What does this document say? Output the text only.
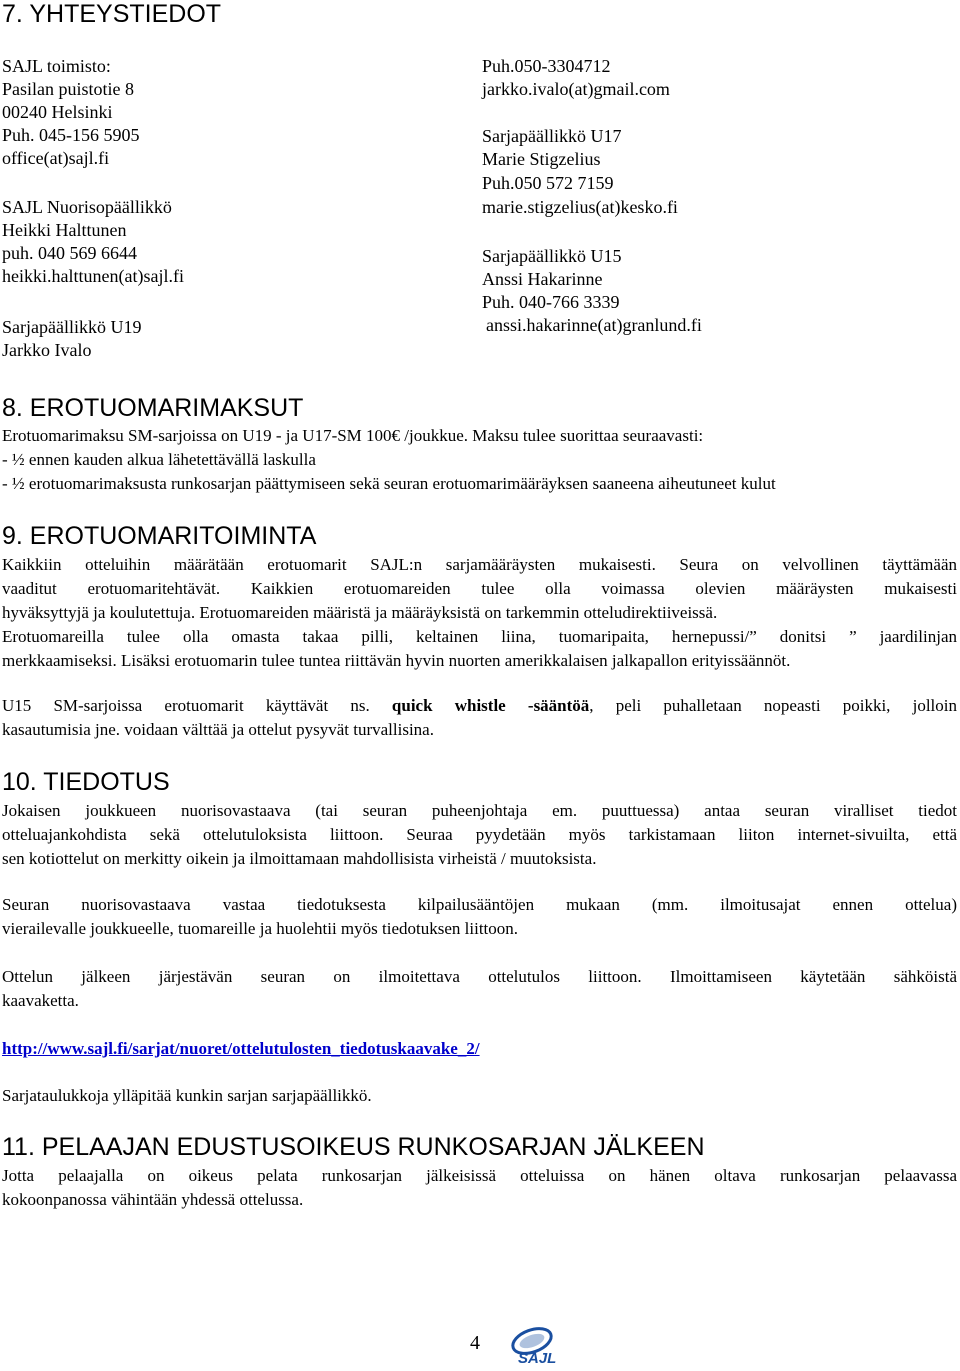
7. YHTEYSTIEDOT
SAJL toimisto:
Pasilan puistotie 8
00240 Helsinki
Puh. 045-156 5905
office(at)sajl.fi
SAJL Nuorisopäällikkö
Heikki Halttunen
puh. 040 569 6644
heikki.halttunen(at)sajl.fi
Sarjapäällikkö U19
Jarkko Ivalo
Puh.050-3304712
jarkko.ivalo(at)gmail.com
Sarjapäällikkö U17
Marie Stigzelius
Puh.050 572 7159
marie.stigzelius(at)kesko.fi
Sarjapäällikkö U15
Anssi Hakarinne
Puh. 040-766 3339
anssi.hakarinne(at)granlund.fi
8. EROTUOMARIMAKSUT
Erotuomarimaksu SM-sarjoissa on U19 - ja U17-SM 100€ /joukkue. Maksu tulee suorittaa seuraavasti:
- ½ ennen kauden alkua lähetettävällä laskulla
- ½ erotuomarimaksusta runkosarjan päättymiseen sekä seuran erotuomarimääräyksen saaneena aiheutuneet kulut
9. EROTUOMARITOIMINTA
Kaikkiin otteluihin määrätään erotuomarit SAJL:n sarjamääräysten mukaisesti. Seura on velvollinen täyttämään
vaaditut erotuomaritehtävät. Kaikkien erotuomareiden tulee olla voimassa olevien määräysten mukaisesti
hyväksyttyjä ja koulutettuja. Erotuomareiden määristä ja määräyksistä on tarkemmin otteludirektiiveissä.
Erotuomareilla tulee olla omasta takaa pilli, keltainen liina, tuomaripaita, hernepussi/” donitsi ” jaardilinjan
merkkaamiseksi. Lisäksi erotuomarin tulee tuntea riittävän hyvin nuorten amerikkalaisen jalkapallon erityissäännöt.
U15 SM-sarjoissa erotuomarit käyttävät ns. quick whistle -sääntöä, peli puhalletaan nopeasti poikki, jolloin
kasautumisia jne. voidaan välttää ja ottelut pysyvät turvallisina.
10. TIEDOTUS
Jokaisen joukkueen nuorisovastaava (tai seuran puheenjohtaja em. puuttuessa) antaa seuran viralliset tiedot
otteluajankohdista sekä ottelutuloksista liittoon. Seuraa pyydetään myös tarkistamaan liiton internet-sivuilta, että
sen kotiottelut on merkitty oikein ja ilmoittamaan mahdollisista virheistä / muutoksista.
Seuran nuorisovastaava vastaa tiedotuksesta kilpailusääntöjen mukaan (mm. ilmoitusajat ennen ottelua)
vierailevalle joukkueelle, tuomareille ja huolehtii myös tiedotuksen liittoon.
Ottelun jälkeen järjestävän seuran on ilmoitettava ottelutulos liittoon. Ilmoittamiseen käytetään sähköistä
kaavaketta.
http://www.sajl.fi/sarjat/nuoret/ottelutulosten_tiedotuskaavake_2/
Sarjataulukkoja ylläpitää kunkin sarjan sarjapäällikkö.
11. PELAAJAN EDUSTUSOIKEUS RUNKOSARJAN JÄLKEEN
Jotta pelaajalla on oikeus pelata runkosarjan jälkeisissä otteluissa on hänen oltava runkosarjan pelaavassa
kokoonpanossa vähintään yhdessä ottelussa.
4
SAJL
